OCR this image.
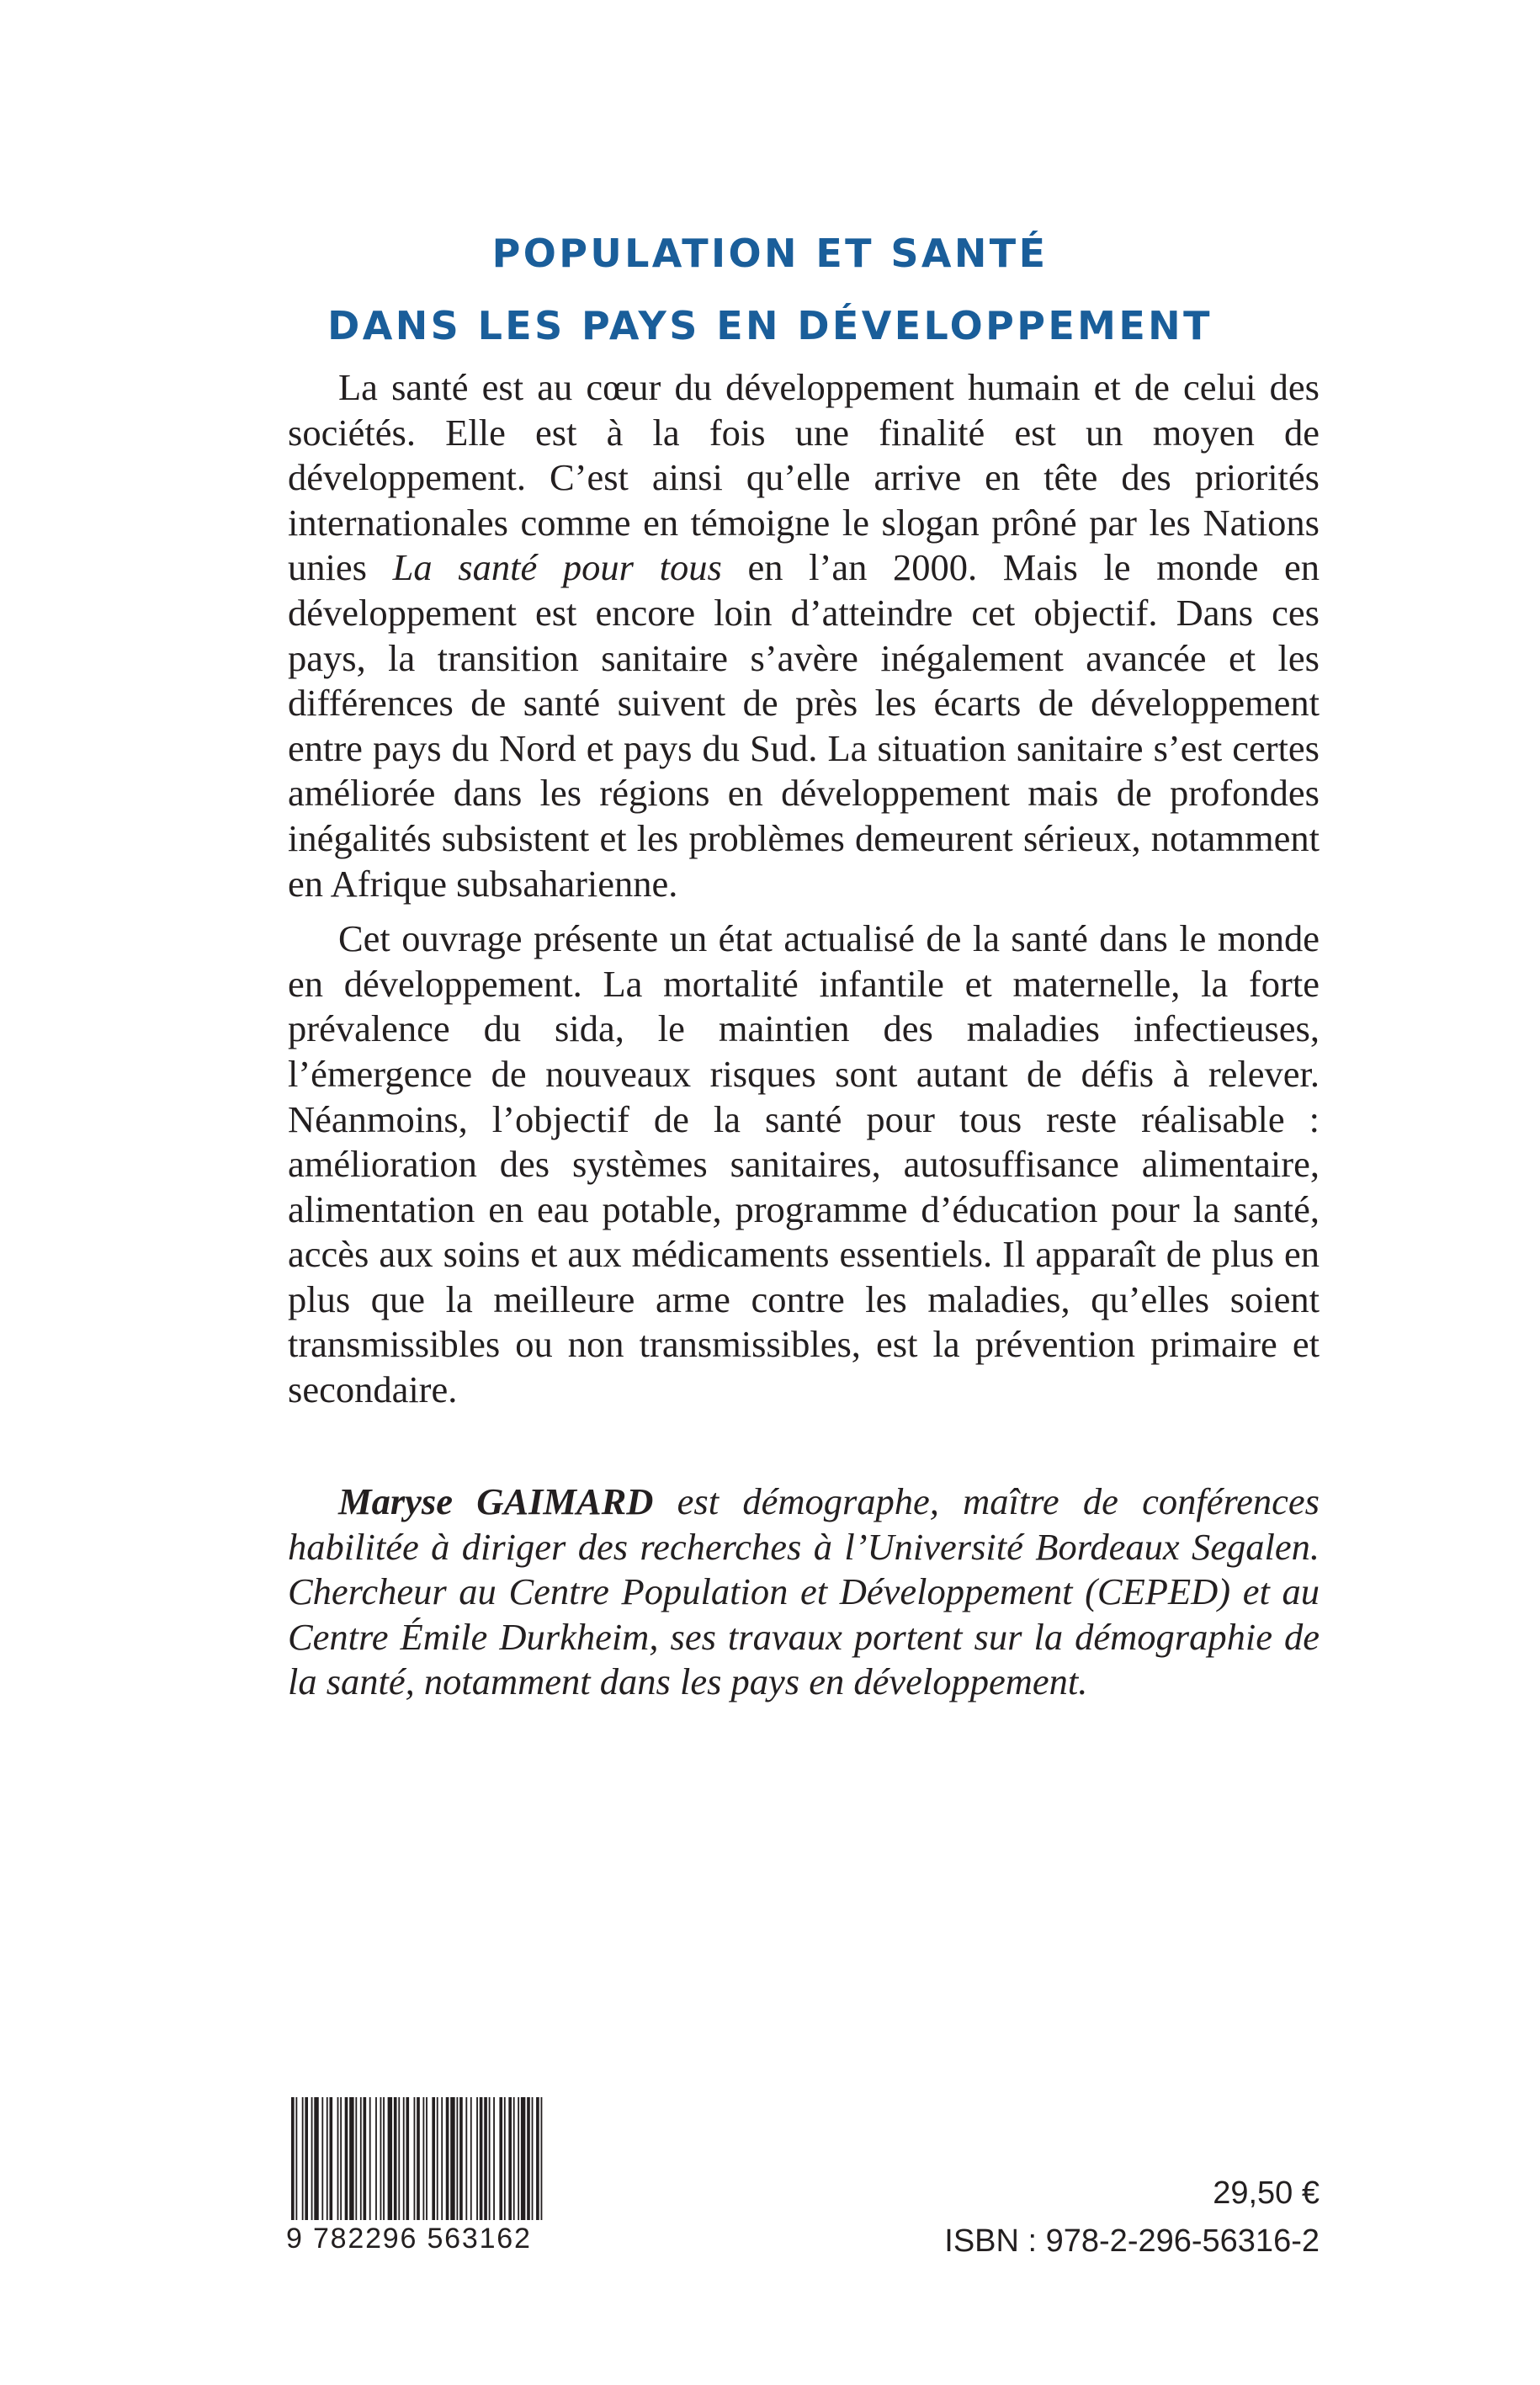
POPULATION ET SANTÉ
DANS LES PAYS EN DÉVELOPPEMENT

La santé est au cœur du développement humain et de celui des sociétés. Elle est à la fois une finalité est un moyen de développement. C’est ainsi qu’elle arrive en tête des priorités internationales comme en témoigne le slogan prôné par les Nations unies La santé pour tous en l’an 2000. Mais le monde en développement est encore loin d’atteindre cet objectif. Dans ces pays, la transition sanitaire s’avère inégalement avancée et les différences de santé suivent de près les écarts de développement entre pays du Nord et pays du Sud. La situation sanitaire s’est certes améliorée dans les régions en développement mais de profondes inégalités subsistent et les problèmes demeurent sérieux, notamment en Afrique subsaharienne.

Cet ouvrage présente un état actualisé de la santé dans le monde en développement. La mortalité infantile et maternelle, la forte prévalence du sida, le maintien des maladies infectieuses, l’émergence de nouveaux risques sont autant de défis à relever. Néanmoins, l’objectif de la santé pour tous reste réalisable : amélioration des systèmes sanitaires, autosuffisance alimentaire, alimentation en eau potable, programme d’éducation pour la santé, accès aux soins et aux médicaments essentiels. Il apparaît de plus en plus que la meilleure arme contre les maladies, qu’elles soient transmissibles ou non transmissibles, est la prévention primaire et secondaire.

Maryse GAIMARD est démographe, maître de conférences habilitée à diriger des recherches à l’Université Bordeaux Segalen. Chercheur au Centre Population et Développement (CEPED) et au Centre Émile Durkheim, ses travaux portent sur la démographie de la santé, notamment dans les pays en développement.

9 782296 563162
29,50 €
ISBN : 978-2-296-56316-2
